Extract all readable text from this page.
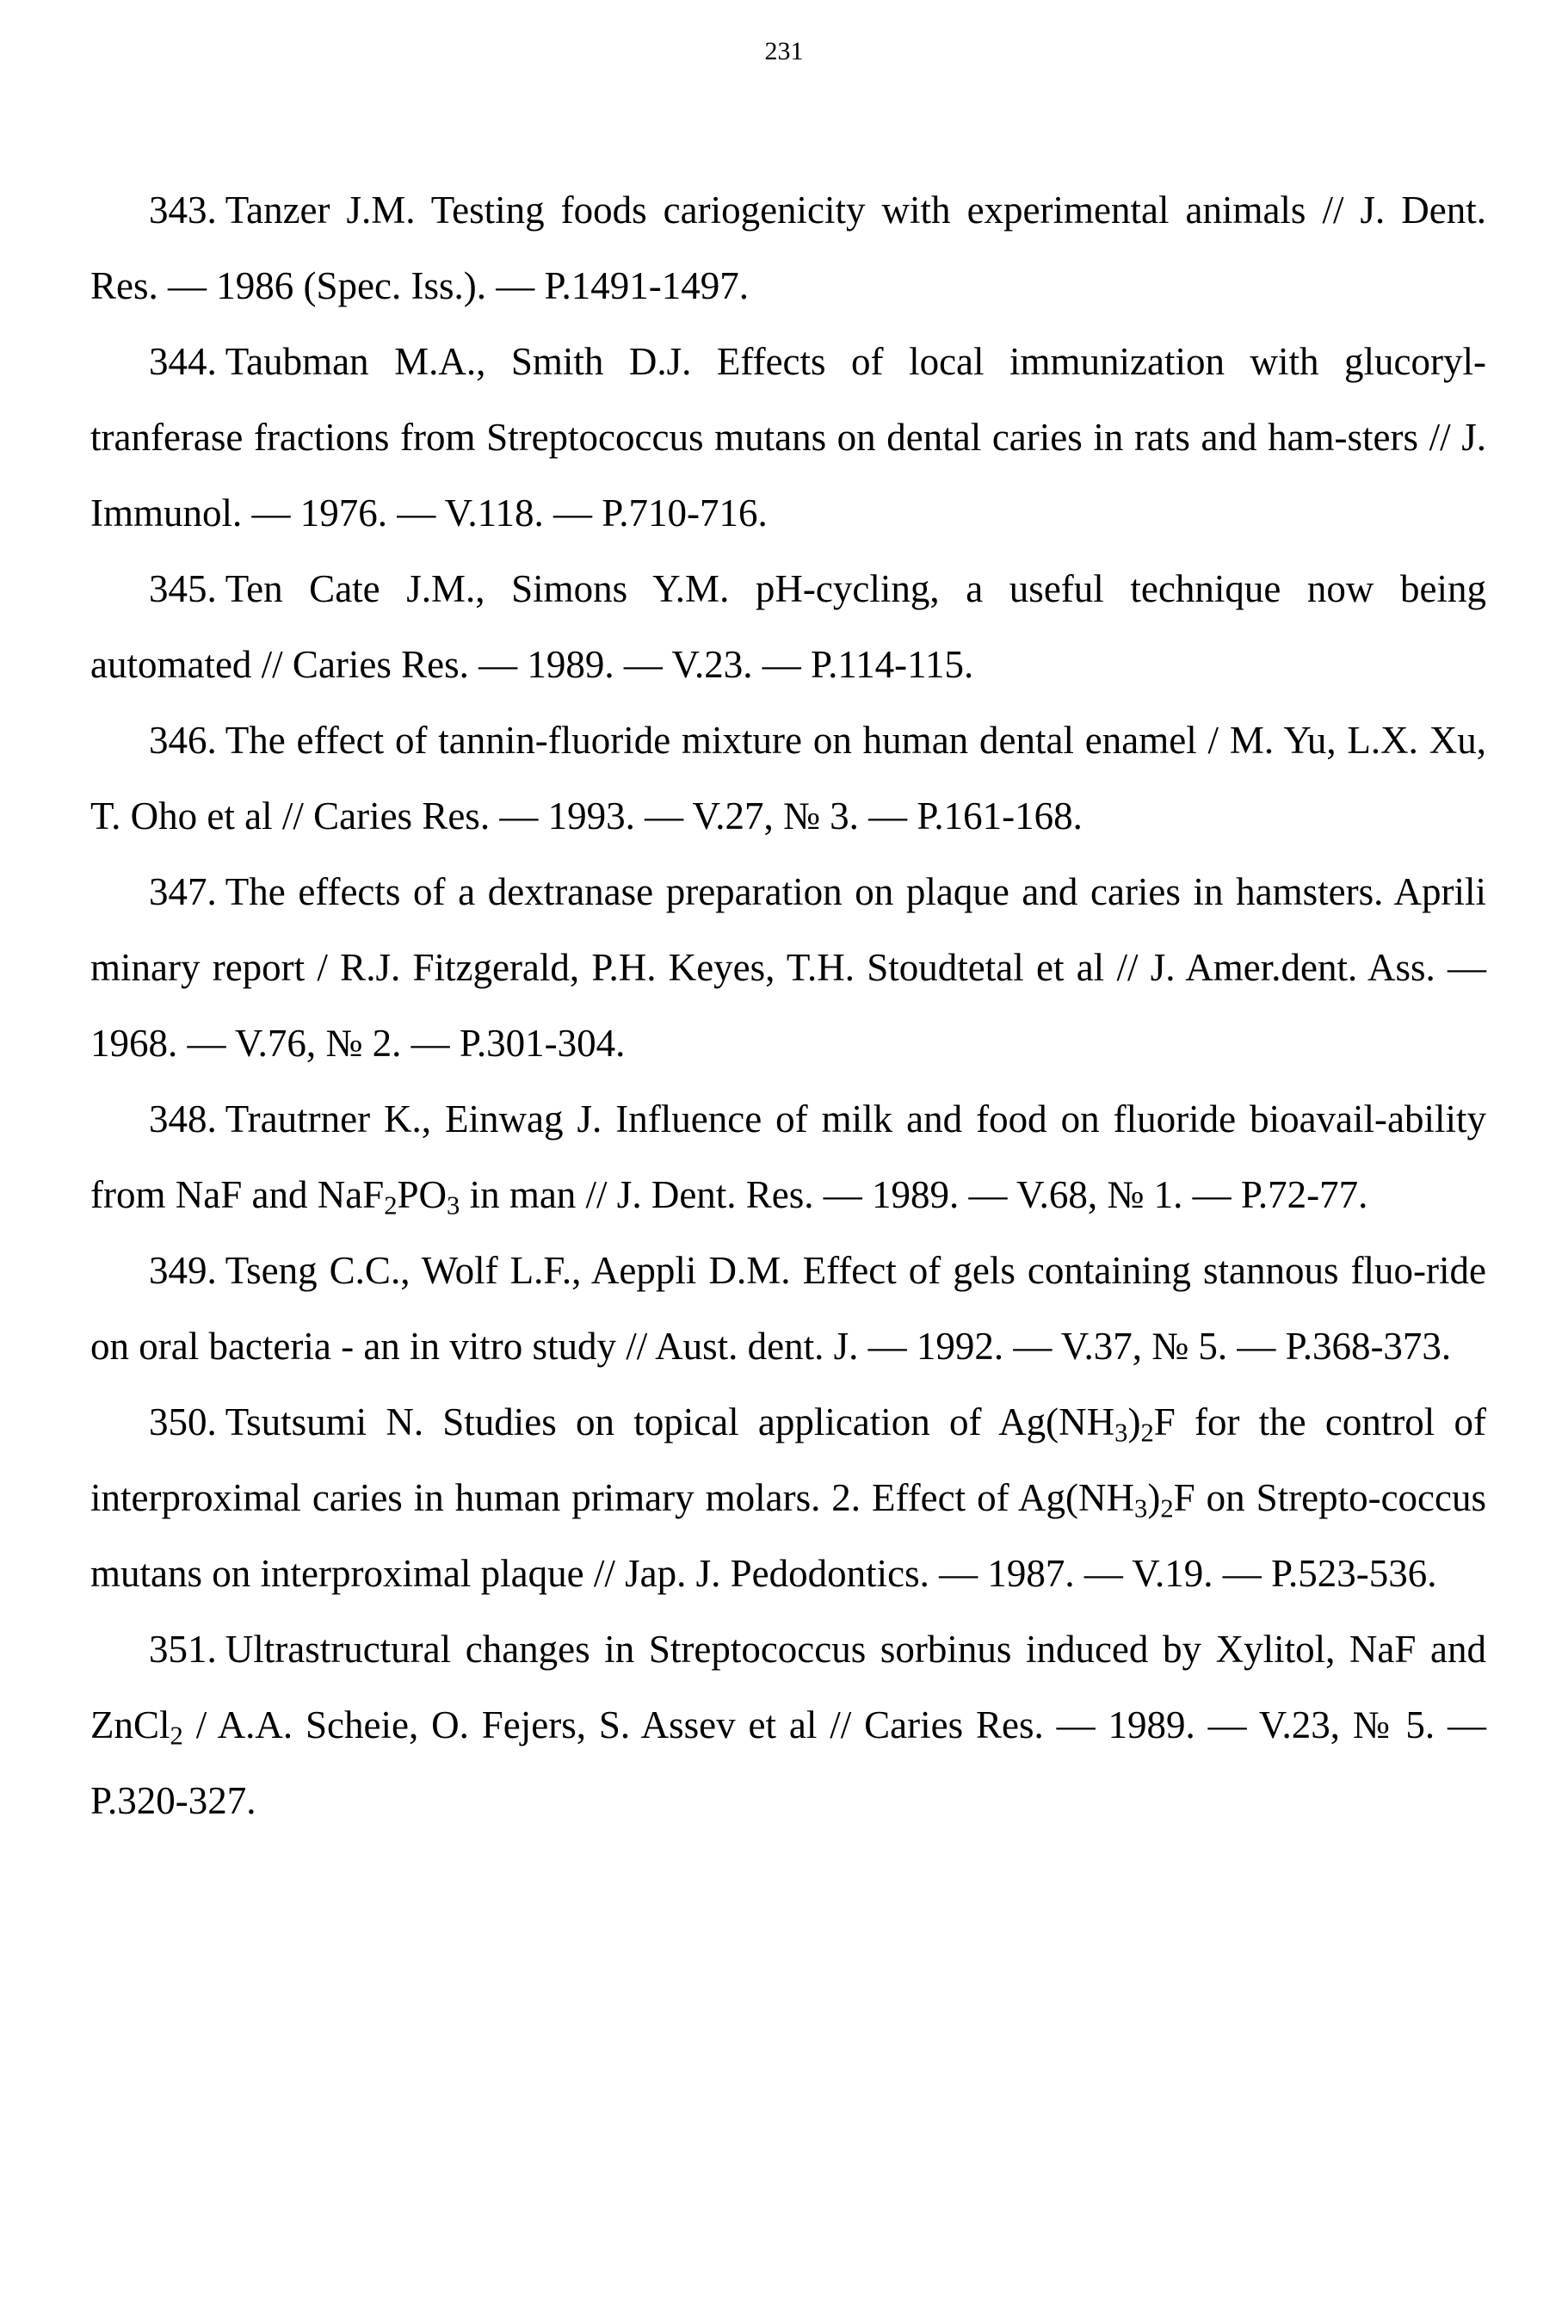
231
343. Tanzer J.M. Testing foods cariogenicity with experimental animals // J. Dent. Res. — 1986 (Spec. Iss.). — P.1491-1497.
344. Taubman M.A., Smith D.J. Effects of local immunization with glucoryl-tranferase fractions from Streptococcus mutans on dental caries in rats and ham-sters // J. Immunol. — 1976. — V.118. — P.710-716.
345. Ten Cate J.M., Simons Y.M. pH-cycling, a useful technique now being automated // Caries Res. — 1989. — V.23. — P.114-115.
346. The effect of tannin-fluoride mixture on human dental enamel / M. Yu, L.X. Xu, T. Oho et al // Caries Res. — 1993. — V.27, № 3. — P.161-168.
347. The effects of a dextranase preparation on plaque and caries in hamsters. Aprili minary report / R.J. Fitzgerald, P.H. Keyes, T.H. Stoudtetal et al // J. Amer.dent. Ass. — 1968. — V.76, № 2. — P.301-304.
348. Trautrner K., Einwag J. Influence of milk and food on fluoride bioavail-ability from NaF and $NaF_2PO_3$ in man // J. Dent. Res. — 1989. — V.68, № 1. — P.72-77.
349. Tseng C.C., Wolf L.F., Aeppli D.M. Effect of gels containing stannous fluo-ride on oral bacteria - an in vitro study // Aust. dent. J. — 1992. — V.37, № 5. — P.368-373.
350. Tsutsumi N. Studies on topical application of $Ag(NH_3)_2F$ for the control of interproximal caries in human primary molars. 2. Effect of $Ag(NH_3)_2F$ on Strepto-coccus mutans on interproximal plaque // Jap. J. Pedodontics. — 1987. — V.19. — P.523-536.
351. Ultrastructural changes in Streptococcus sorbinus induced by Xylitol, NaF and ZnCl$_2$ / A.A. Scheie, O. Fejers, S. Assev et al // Caries Res. — 1989. — V.23, № 5. — P.320-327.
